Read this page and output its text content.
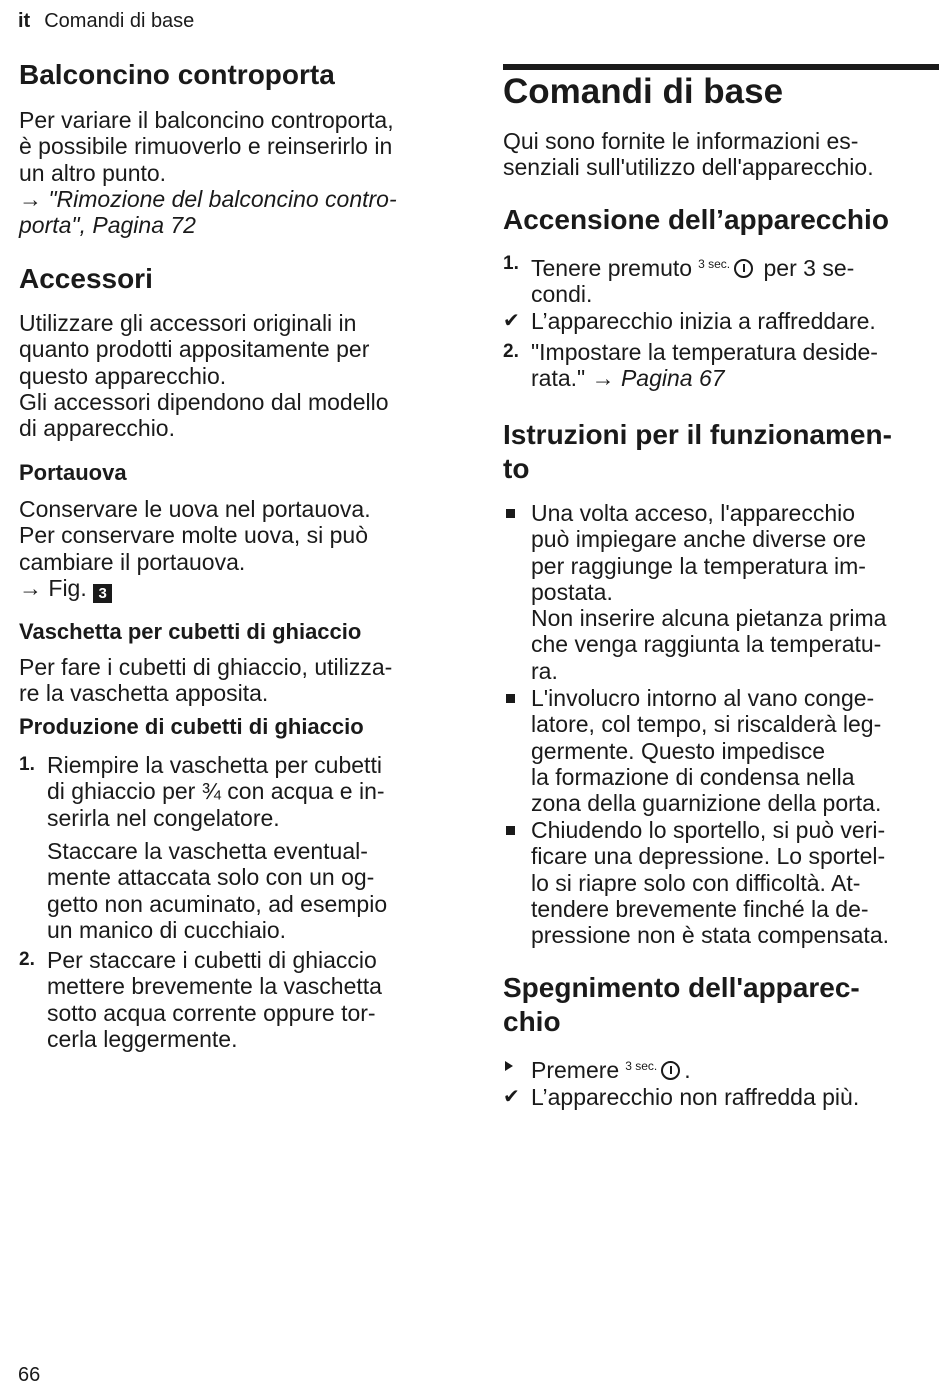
it Comandi di base
Balconcino controporta

Per variare il balconcino controporta,

è possibile rimuoverlo e reinserirlo in

un altro punto.

→ "Rimozione del balconcino contro-

porta", Pagina 72

Accessori

Utilizzare gli accessori originali in

quanto prodotti appositamente per

questo apparecchio.

Gli accessori dipendono dal modello

di apparecchio.

Portauova

Conservare le uova nel portauova.

Per conservare molte uova, si può

cambiare il portauova.

→ Fig. 3

Vaschetta per cubetti di ghiaccio

Per fare i cubetti di ghiaccio, utilizza-

re la vaschetta apposita.

Produzione di cubetti di ghiaccio
1. Riempire la vaschetta per cubetti
di ghiaccio per ¾ con acqua e in-
serirla nel congelatore.
Staccare la vaschetta eventual-
mente attaccata solo con un og-
getto non acuminato, ad esempio
un manico di cucchiaio.
2. Per staccare i cubetti di ghiaccio
mettere brevemente la vaschetta
sotto acqua corrente oppure tor-
cerla leggermente.
Comandi di base

Qui sono fornite le informazioni es-

senziali sull'utilizzo dell'apparecchio.

Accensione dell’apparecchio
1. Tenere premuto $^{3 sec.}$ per 3 se-
condi.
✔ L’apparecchio inizia a raffreddare.
2. "Impostare la temperatura deside-
rata." → Pagina 67
Istruzioni per il funzionamen-
to
Una volta acceso, l'apparecchio
può impiegare anche diverse ore
per raggiunge la temperatura im-
postata.
Non inserire alcuna pietanza prima
che venga raggiunta la temperatu-
ra.
L'involucro intorno al vano conge-
latore, col tempo, si riscalderà leg-
germente. Questo impedisce
la formazione di condensa nella
zona della guarnizione della porta.
Chiudendo lo sportello, si può veri-
ficare una depressione. Lo sportel-
lo si riapre solo con difficoltà. At-
tendere brevemente finché la de-
pressione non è stata compensata.
Spegnimento dell'apparec-
chio
Premere $^{3 sec.}$ .
✔ L’apparecchio non raffredda più.
66
